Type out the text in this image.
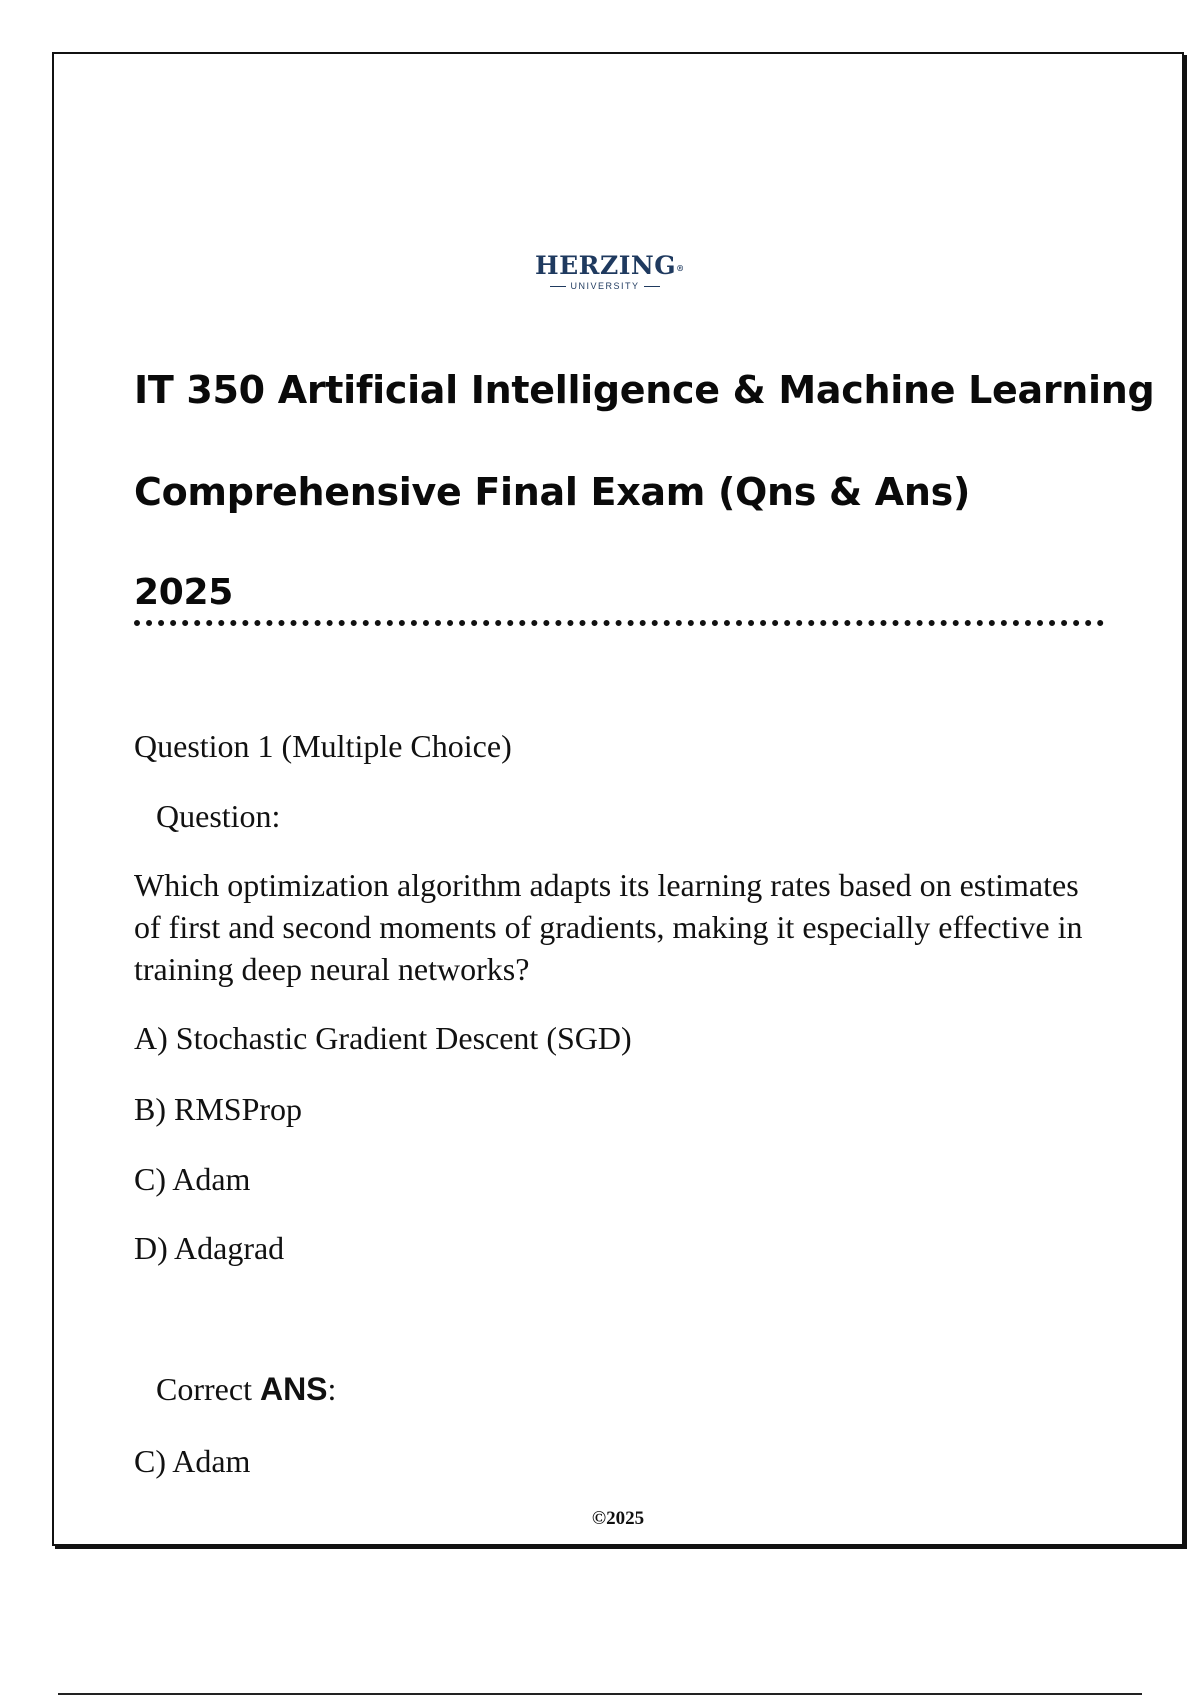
HERZING®
UNIVERSITY
IT 350 Artificial Intelligence & Machine Learning
Comprehensive Final Exam (Qns & Ans)
2025
Question 1 (Multiple Choice)
Question:
Which optimization algorithm adapts its learning rates based on estimates of first and second moments of gradients, making it especially effective in training deep neural networks?
A) Stochastic Gradient Descent (SGD)
B) RMSProp
C) Adam
D) Adagrad
Correct ANS:
C) Adam
©2025
